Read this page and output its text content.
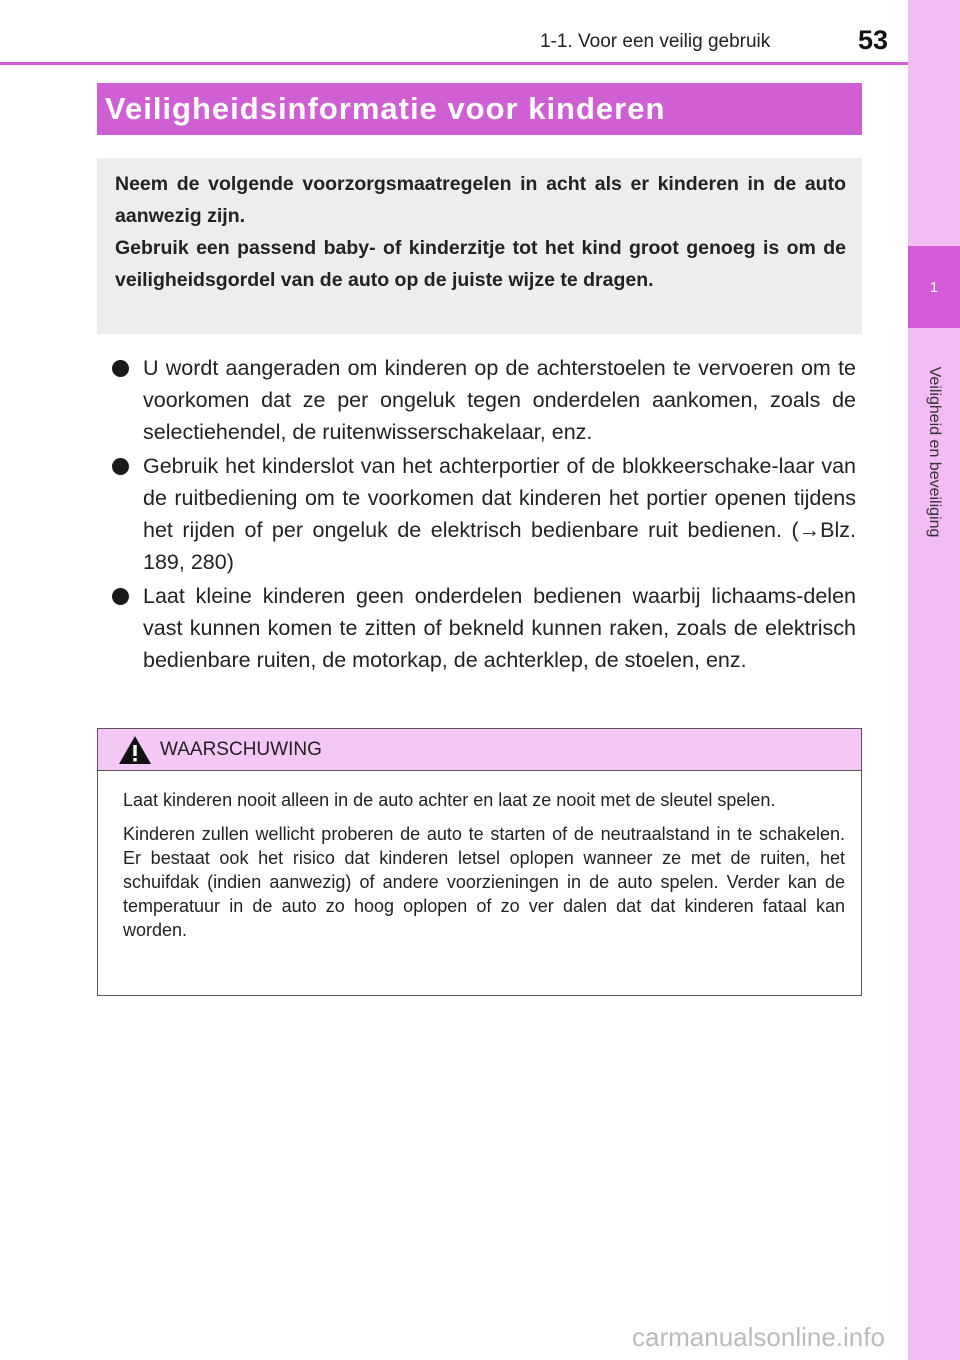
1
Veiligheid en beveiliging
1-1. Voor een veilig gebruik	53
Veiligheidsinformatie voor kinderen

Neem de volgende voorzorgsmaatregelen in acht als er kinderen in de auto aanwezig zijn.

Gebruik een passend baby- of kinderzitje tot het kind groot genoeg is om de veiligheidsgordel van de auto op de juiste wijze te dragen.

U wordt aangeraden om kinderen op de achterstoelen te vervoeren om te voorkomen dat ze per ongeluk tegen onderdelen aankomen, zoals de selectiehendel, de ruitenwisserschakelaar, enz.
Gebruik het kinderslot van het achterportier of de blokkeerschake-laar van de ruitbediening om te voorkomen dat kinderen het portier openen tijdens het rijden of per ongeluk de elektrisch bedienbare ruit bedienen. (→Blz. 189, 280)
Laat kleine kinderen geen onderdelen bedienen waarbij lichaams-delen vast kunnen komen te zitten of bekneld kunnen raken, zoals de elektrisch bedienbare ruiten, de motorkap, de achterklep, de stoelen, enz.
WAARSCHUWING

Laat kinderen nooit alleen in de auto achter en laat ze nooit met de sleutel spelen.

Kinderen zullen wellicht proberen de auto te starten of de neutraalstand in te schakelen. Er bestaat ook het risico dat kinderen letsel oplopen wanneer ze met de ruiten, het schuifdak (indien aanwezig) of andere voorzieningen in de auto spelen. Verder kan de temperatuur in de auto zo hoog oplopen of zo ver dalen dat dat kinderen fataal kan worden.

carmanualsonline.info
